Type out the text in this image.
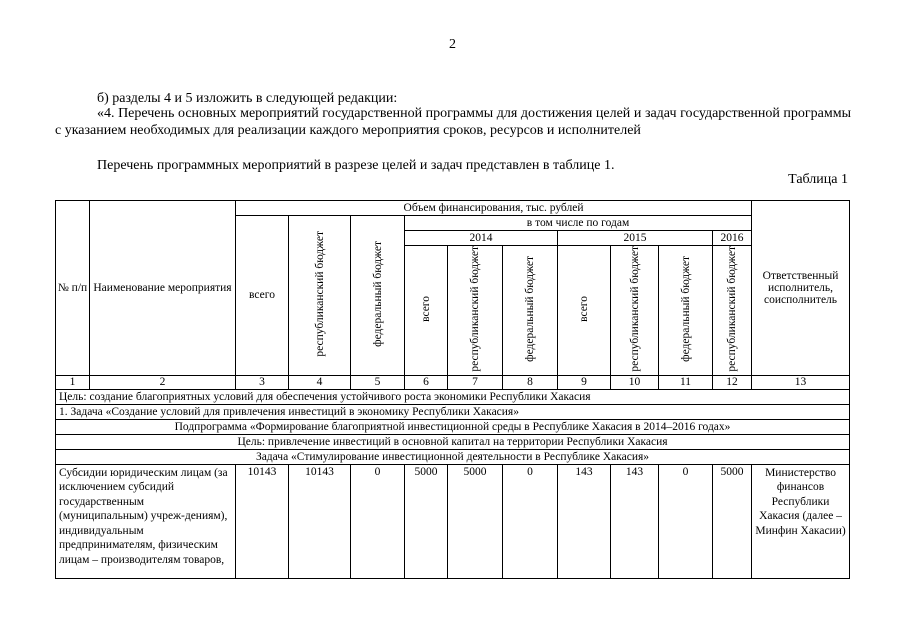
2
б) разделы 4 и 5 изложить в следующей редакции:
«4. Перечень основных мероприятий государственной программы для достижения целей и задач государственной программы с указанием необходимых для реализации каждого мероприятия сроков, ресурсов и исполнителей
Перечень программных мероприятий в разрезе целей и задач представлен в таблице 1.
Таблица 1
№ п/п	Наименование мероприятия	Объем финансирования, тыс. рублей										Ответственный исполнитель, соисполнитель
		всего	республиканский бюджет	федеральный бюджет	в том числе по годам							
					2014			2015			2016	
					всего	республиканский бюджет	федеральный бюджет	всего	республиканский бюджет	федеральный бюджет	республиканский бюджет	
1	2	3	4	5	6	7	8	9	10	11	12	13
Цель: создание благоприятных условий для обеспечения устойчивого роста экономики Республики Хакасия												
1. Задача «Создание условий для привлечения инвестиций в экономику Республики Хакасия»												
Подпрограмма «Формирование благоприятной инвестиционной среды в Республике Хакасия в 2014–2016 годах»												
Цель: привлечение инвестиций в основной капитал на территории Республики Хакасия												
Задача «Стимулирование инвестиционной деятельности в Республике Хакасия»												
Субсидии юридическим лицам (за исключением субсидий государственным (муниципальным) учреж-дениям), индивидуальным предпринимателям, физическим лицам – производителям товаров,		10143	10143	0	5000	5000	0	143	143	0	5000	Министерство финансов Республики Хакасия (далее – Минфин Хакасии)
